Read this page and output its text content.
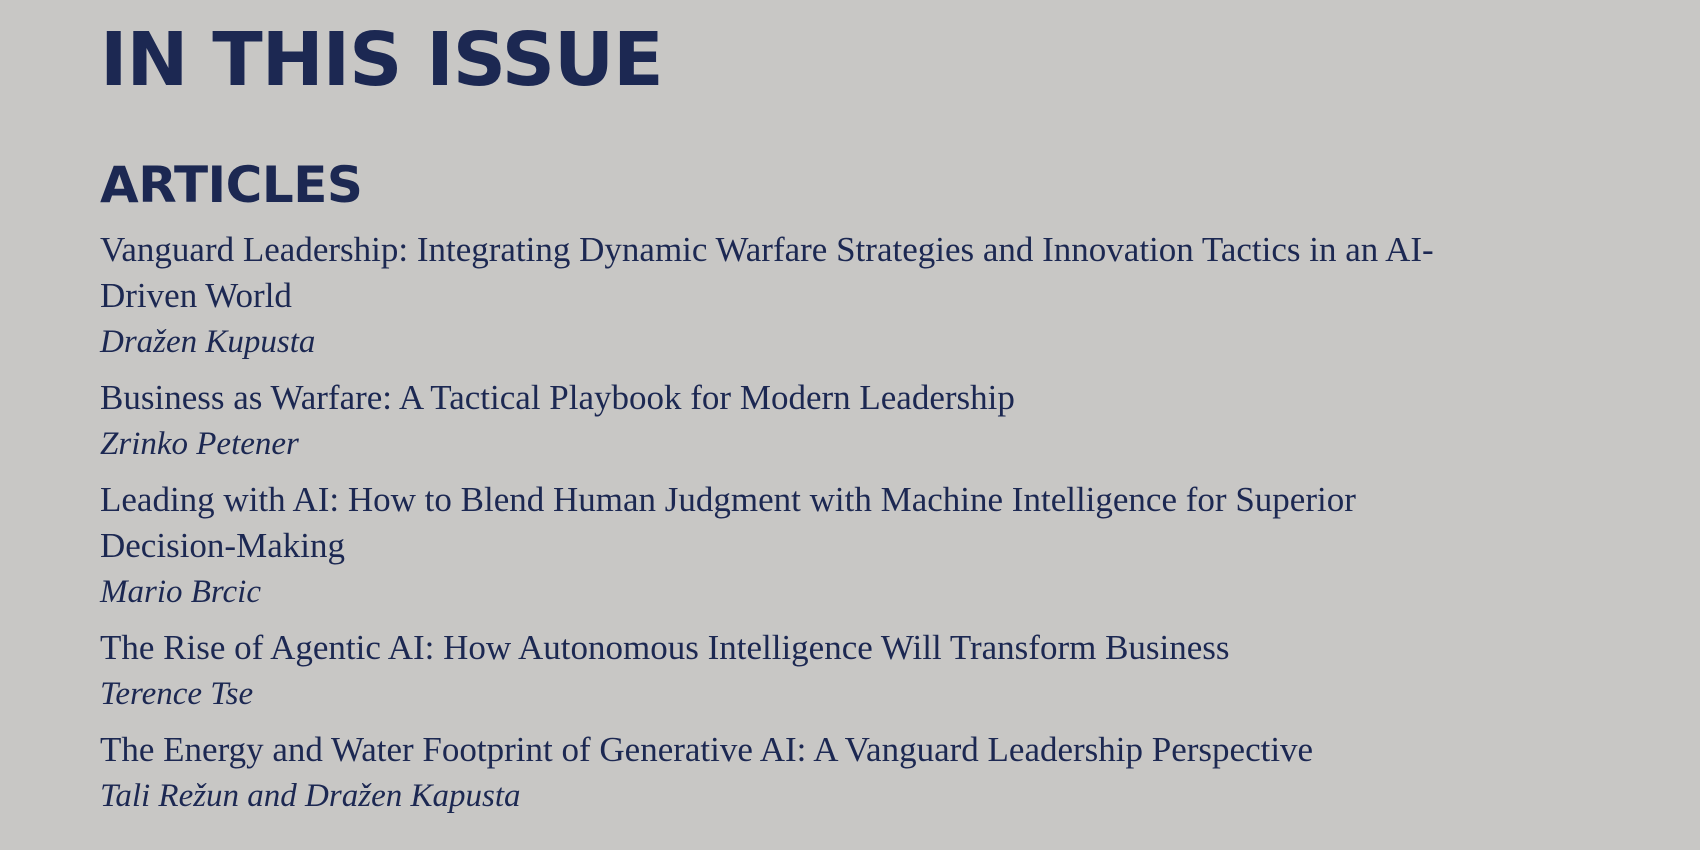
IN THIS ISSUE
ARTICLES
Vanguard Leadership: Integrating Dynamic Warfare Strategies and Innovation Tactics in an AI-Driven World
Dražen Kupusta
Business as Warfare: A Tactical Playbook for Modern Leadership
Zrinko Petener
Leading with AI: How to Blend Human Judgment with Machine Intelligence for Superior Decision-Making
Mario Brcic
The Rise of Agentic AI: How Autonomous Intelligence Will Transform Business
Terence Tse
The Energy and Water Footprint of Generative AI: A Vanguard Leadership Perspective
Tali Režun and Dražen Kapusta
